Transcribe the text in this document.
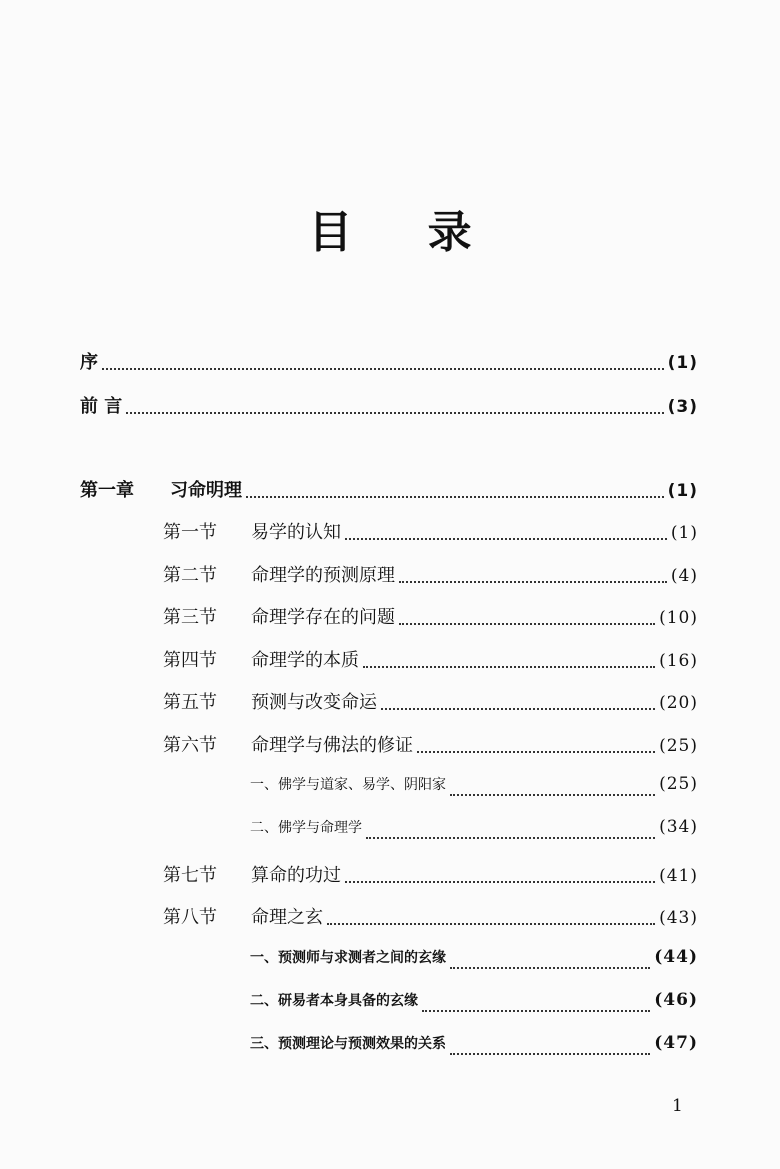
目 录
序	(1)
前 言	(3)
第一章	习命明理	(1)
第一节	易学的认知	(1)
第二节	命理学的预测原理	(4)
第三节	命理学存在的问题	(10)
第四节	命理学的本质	(16)
第五节	预测与改变命运	(20)
第六节	命理学与佛法的修证	(25)
一、佛学与道家、易学、阴阳家	(25)
二、佛学与命理学	(34)
第七节	算命的功过	(41)
第八节	命理之玄	(43)
一、预测师与求测者之间的玄缘	(44)
二、研易者本身具备的玄缘	(46)
三、预测理论与预测效果的关系	(47)
1
